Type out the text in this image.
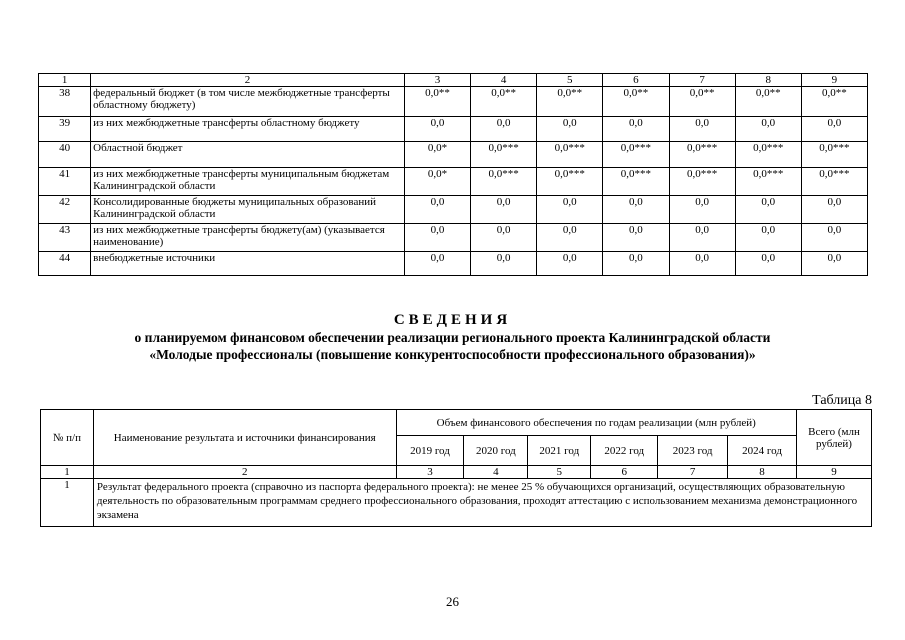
1	2	3	4	5	6	7	8	9
38	федеральный бюджет (в том числе межбюджетные трансферты областному бюджету)	0,0**	0,0**	0,0**	0,0**	0,0**	0,0**	0,0**
39	из них межбюджетные трансферты областному бюджету	0,0	0,0	0,0	0,0	0,0	0,0	0,0
40	Областной бюджет	0,0*	0,0***	0,0***	0,0***	0,0***	0,0***	0,0***
41	из них межбюджетные трансферты муниципальным бюджетам Калининградской области	0,0*	0,0***	0,0***	0,0***	0,0***	0,0***	0,0***
42	Консолидированные бюджеты муниципальных образований Калининградской области	0,0	0,0	0,0	0,0	0,0	0,0	0,0
43	из них межбюджетные трансферты бюджету(ам) (указывается наименование)	0,0	0,0	0,0	0,0	0,0	0,0	0,0
44	внебюджетные источники	0,0	0,0	0,0	0,0	0,0	0,0	0,0
СВЕДЕНИЯ
о планируемом финансовом обеспечении реализации регионального проекта Калининградской области
«Молодые профессионалы (повышение конкурентоспособности профессионального образования)»
Таблица 8
№ п/п	Наименование результата и источники финансирования	Объем финансового обеспечения по годам реализации (млн рублей)						Всего (млн рублей)
		2019 год	2020 год	2021 год	2022 год	2023 год	2024 год	
1	2	3	4	5	6	7	8	9
1	Результат федерального проекта (справочно из паспорта федерального проекта): не менее 25 % обучающихся организаций, осуществляющих образовательную деятельность по образовательным программам среднего профессионального образования, проходят аттестацию с использованием механизма демонстрационного экзамена							
26
